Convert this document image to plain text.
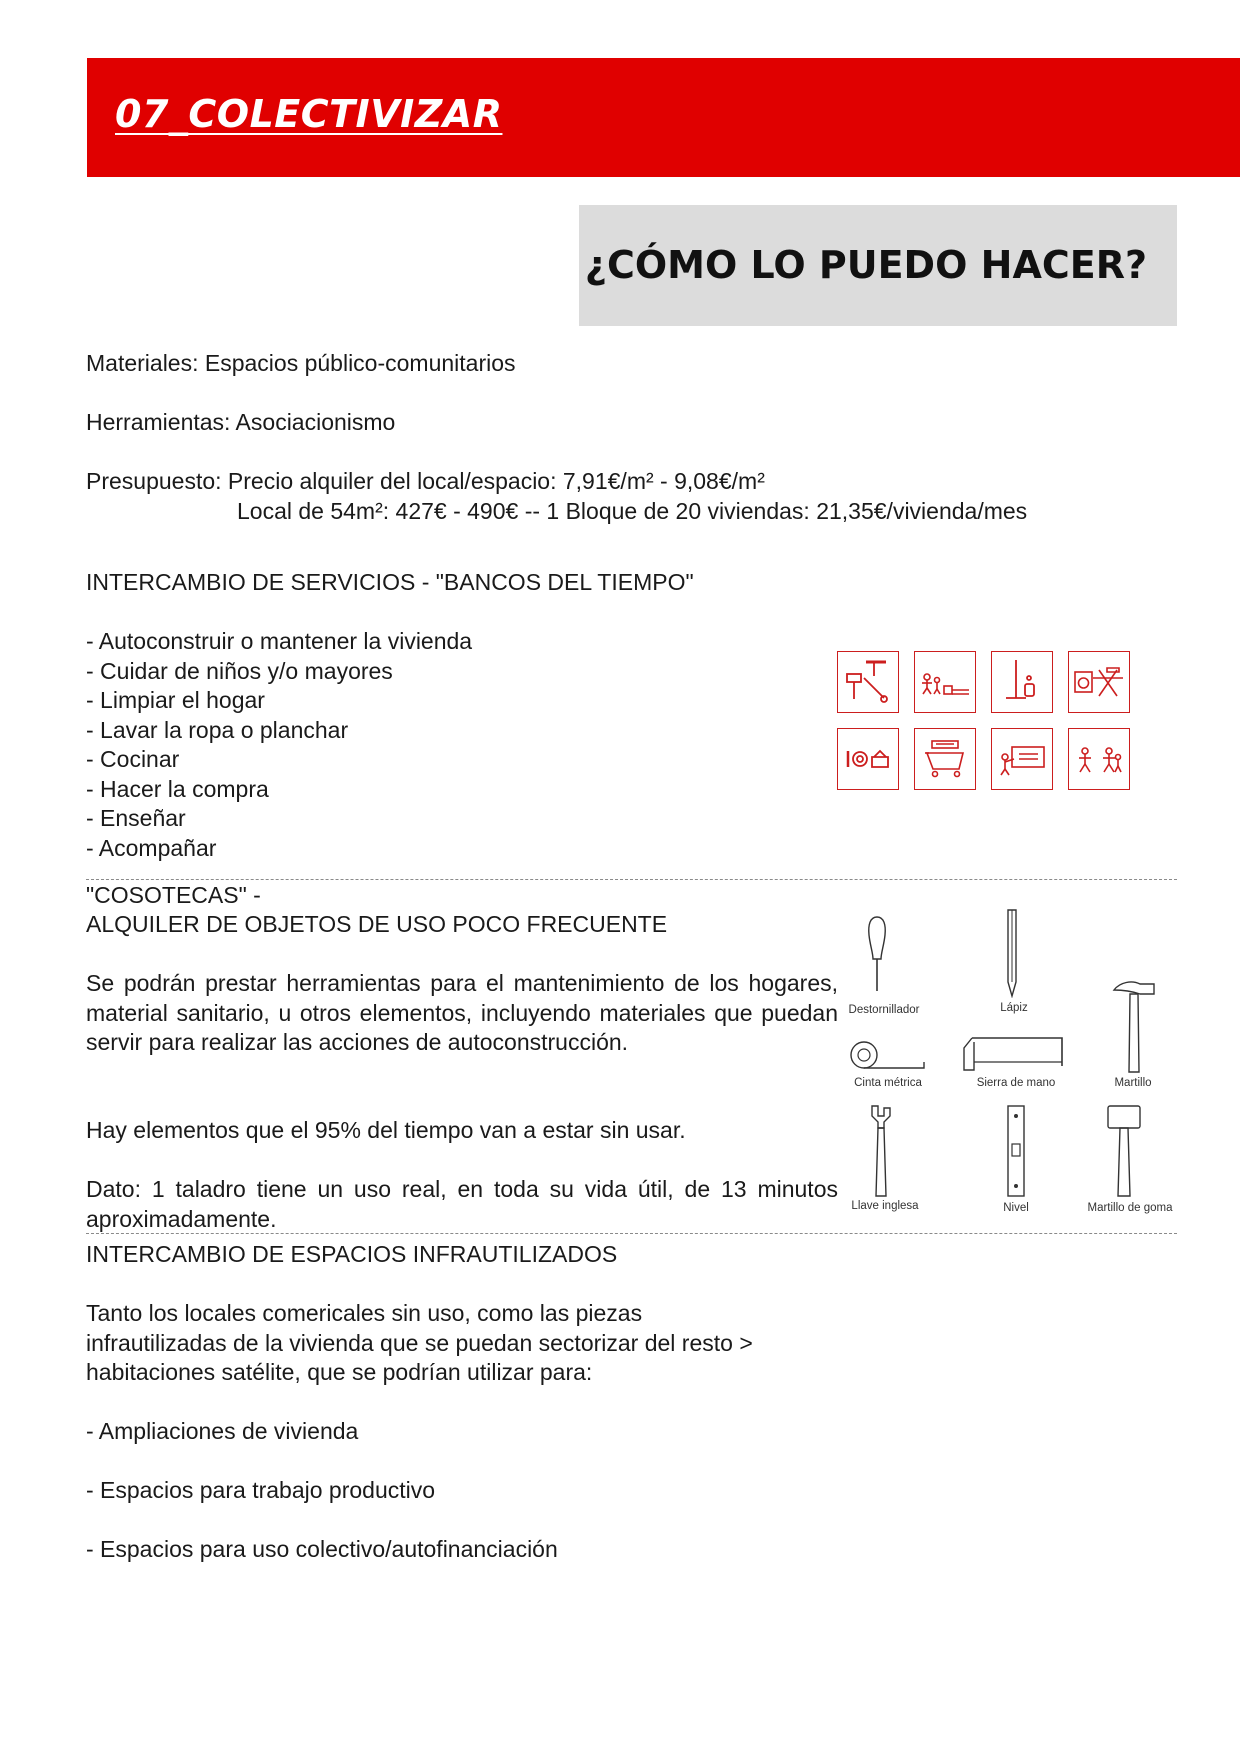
07_COLECTIVIZAR
¿CÓMO LO PUEDO HACER?
Materiales: Espacios público-comunitarios
Herramientas: Asociacionismo
Presupuesto: Precio alquiler del local/espacio: 7,91€/m² - 9,08€/m²
Local de 54m²: 427€ - 490€ -- 1 Bloque de 20 viviendas: 21,35€/vivienda/mes
INTERCAMBIO DE SERVICIOS - "BANCOS DEL TIEMPO"
- Autoconstruir o mantener la vivienda
- Cuidar de niños y/o mayores
- Limpiar el hogar
- Lavar la ropa o planchar
- Cocinar
- Hacer la compra
- Enseñar
- Acompañar
"COSOTECAS" -
ALQUILER DE OBJETOS DE USO POCO FRECUENTE
Se podrán prestar herramientas para el mantenimiento de los hogares, material sanitario, u otros elementos, incluyendo materiales que puedan servir para realizar las acciones de autoconstrucción.
Hay elementos que el 95% del tiempo van a estar sin usar.
Dato: 1 taladro tiene un uso real, en toda su vida útil, de 13 minutos aproximadamente.
Destornillador	Lápiz
Martillo
Cinta métrica	Sierra de mano
Llave inglesa	Nivel	Martillo de goma
INTERCAMBIO DE ESPACIOS INFRAUTILIZADOS
Tanto los locales comericales sin uso, como las piezas
infrautilizadas de la vivienda que se puedan sectorizar del resto >
habitaciones satélite, que se podrían utilizar para:
- Ampliaciones de vivienda
- Espacios para trabajo productivo
- Espacios para uso colectivo/autofinanciación
